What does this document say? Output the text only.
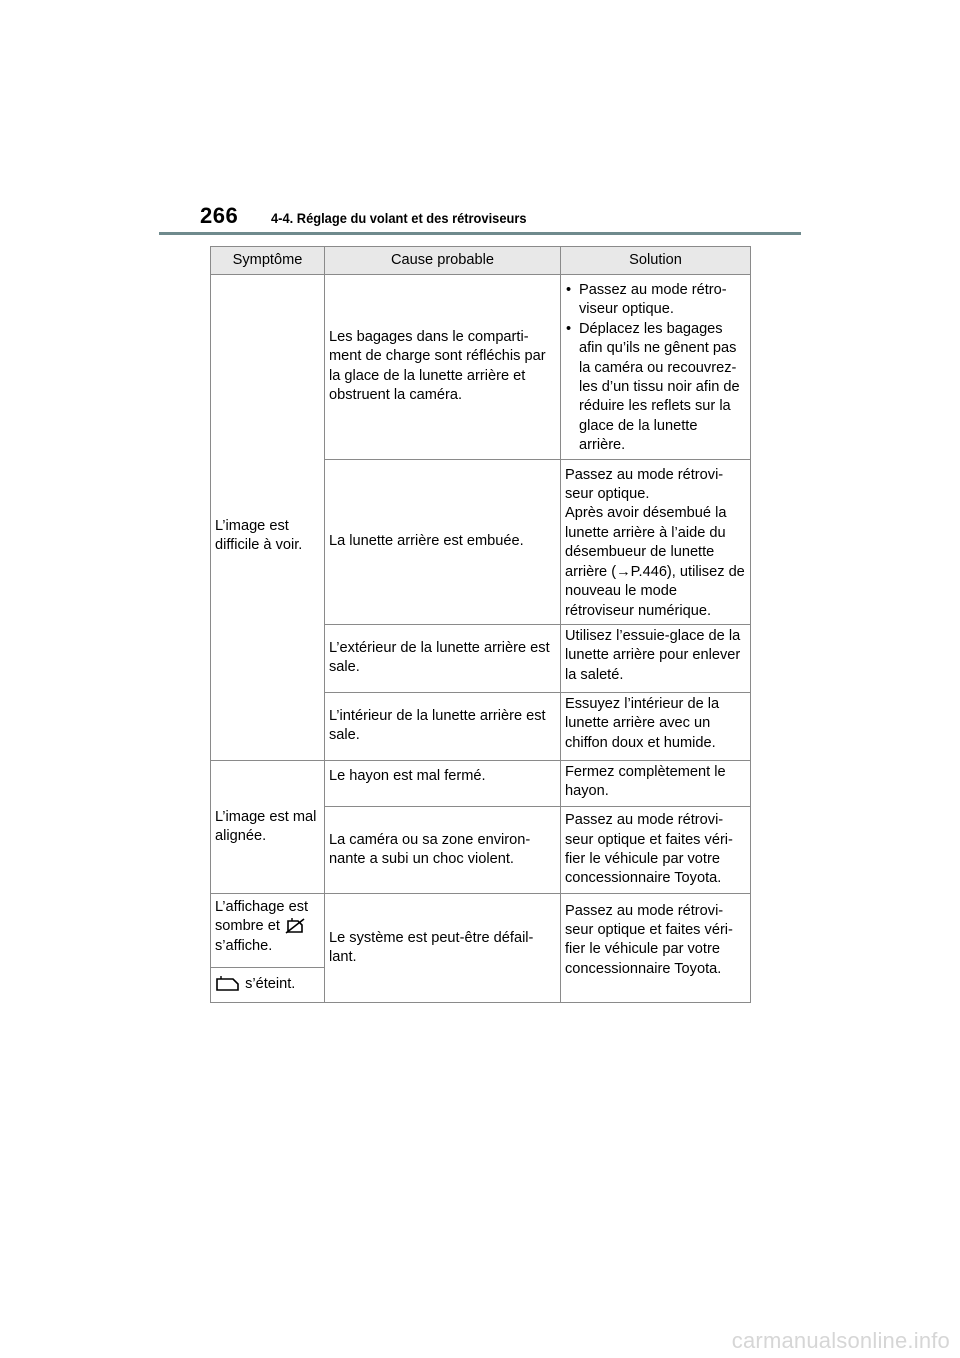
266 4-4. Réglage du volant et des rétroviseurs
Symptôme	Cause probable	Solution
L’image est difficile à voir.	Les bagages dans le comparti-ment de charge sont réfléchis par la glace de la lunette arrière et obstruent la caméra.	• Passez au mode rétro-viseur optique.
• Déplacez les bagages afin qu’ils ne gênent pas la caméra ou recouvrez-les d’un tissu noir afin de réduire les reflets sur la glace de la lunette arrière.

	La lunette arrière est embuée.	Passez au mode rétrovi-seur optique.
Après avoir désembué la lunette arrière à l’aide du désembueur de lunette arrière (→P.446), utilisez de nouveau le mode rétroviseur numérique.

	L’extérieur de la lunette arrière est sale.	Utilisez l’essuie-glace de la lunette arrière pour enlever la saleté.
	L’intérieur de la lunette arrière est sale.	Essuyez l’intérieur de la lunette arrière avec un chiffon doux et humide.
L’image est mal alignée.	Le hayon est mal fermé.	Fermez complètement le hayon.
	La caméra ou sa zone environ-nante a subi un choc violent.	Passez au mode rétrovi-seur optique et faites véri-fier le véhicule par votre concessionnaire Toyota.
L’affichage est sombre et
s’affiche.	Le système est peut-être défail-lant.	Passez au mode rétrovi-seur optique et faites véri-fier le véhicule par votre concessionnaire Toyota.

s’éteint.		
carmanualsonline.info
